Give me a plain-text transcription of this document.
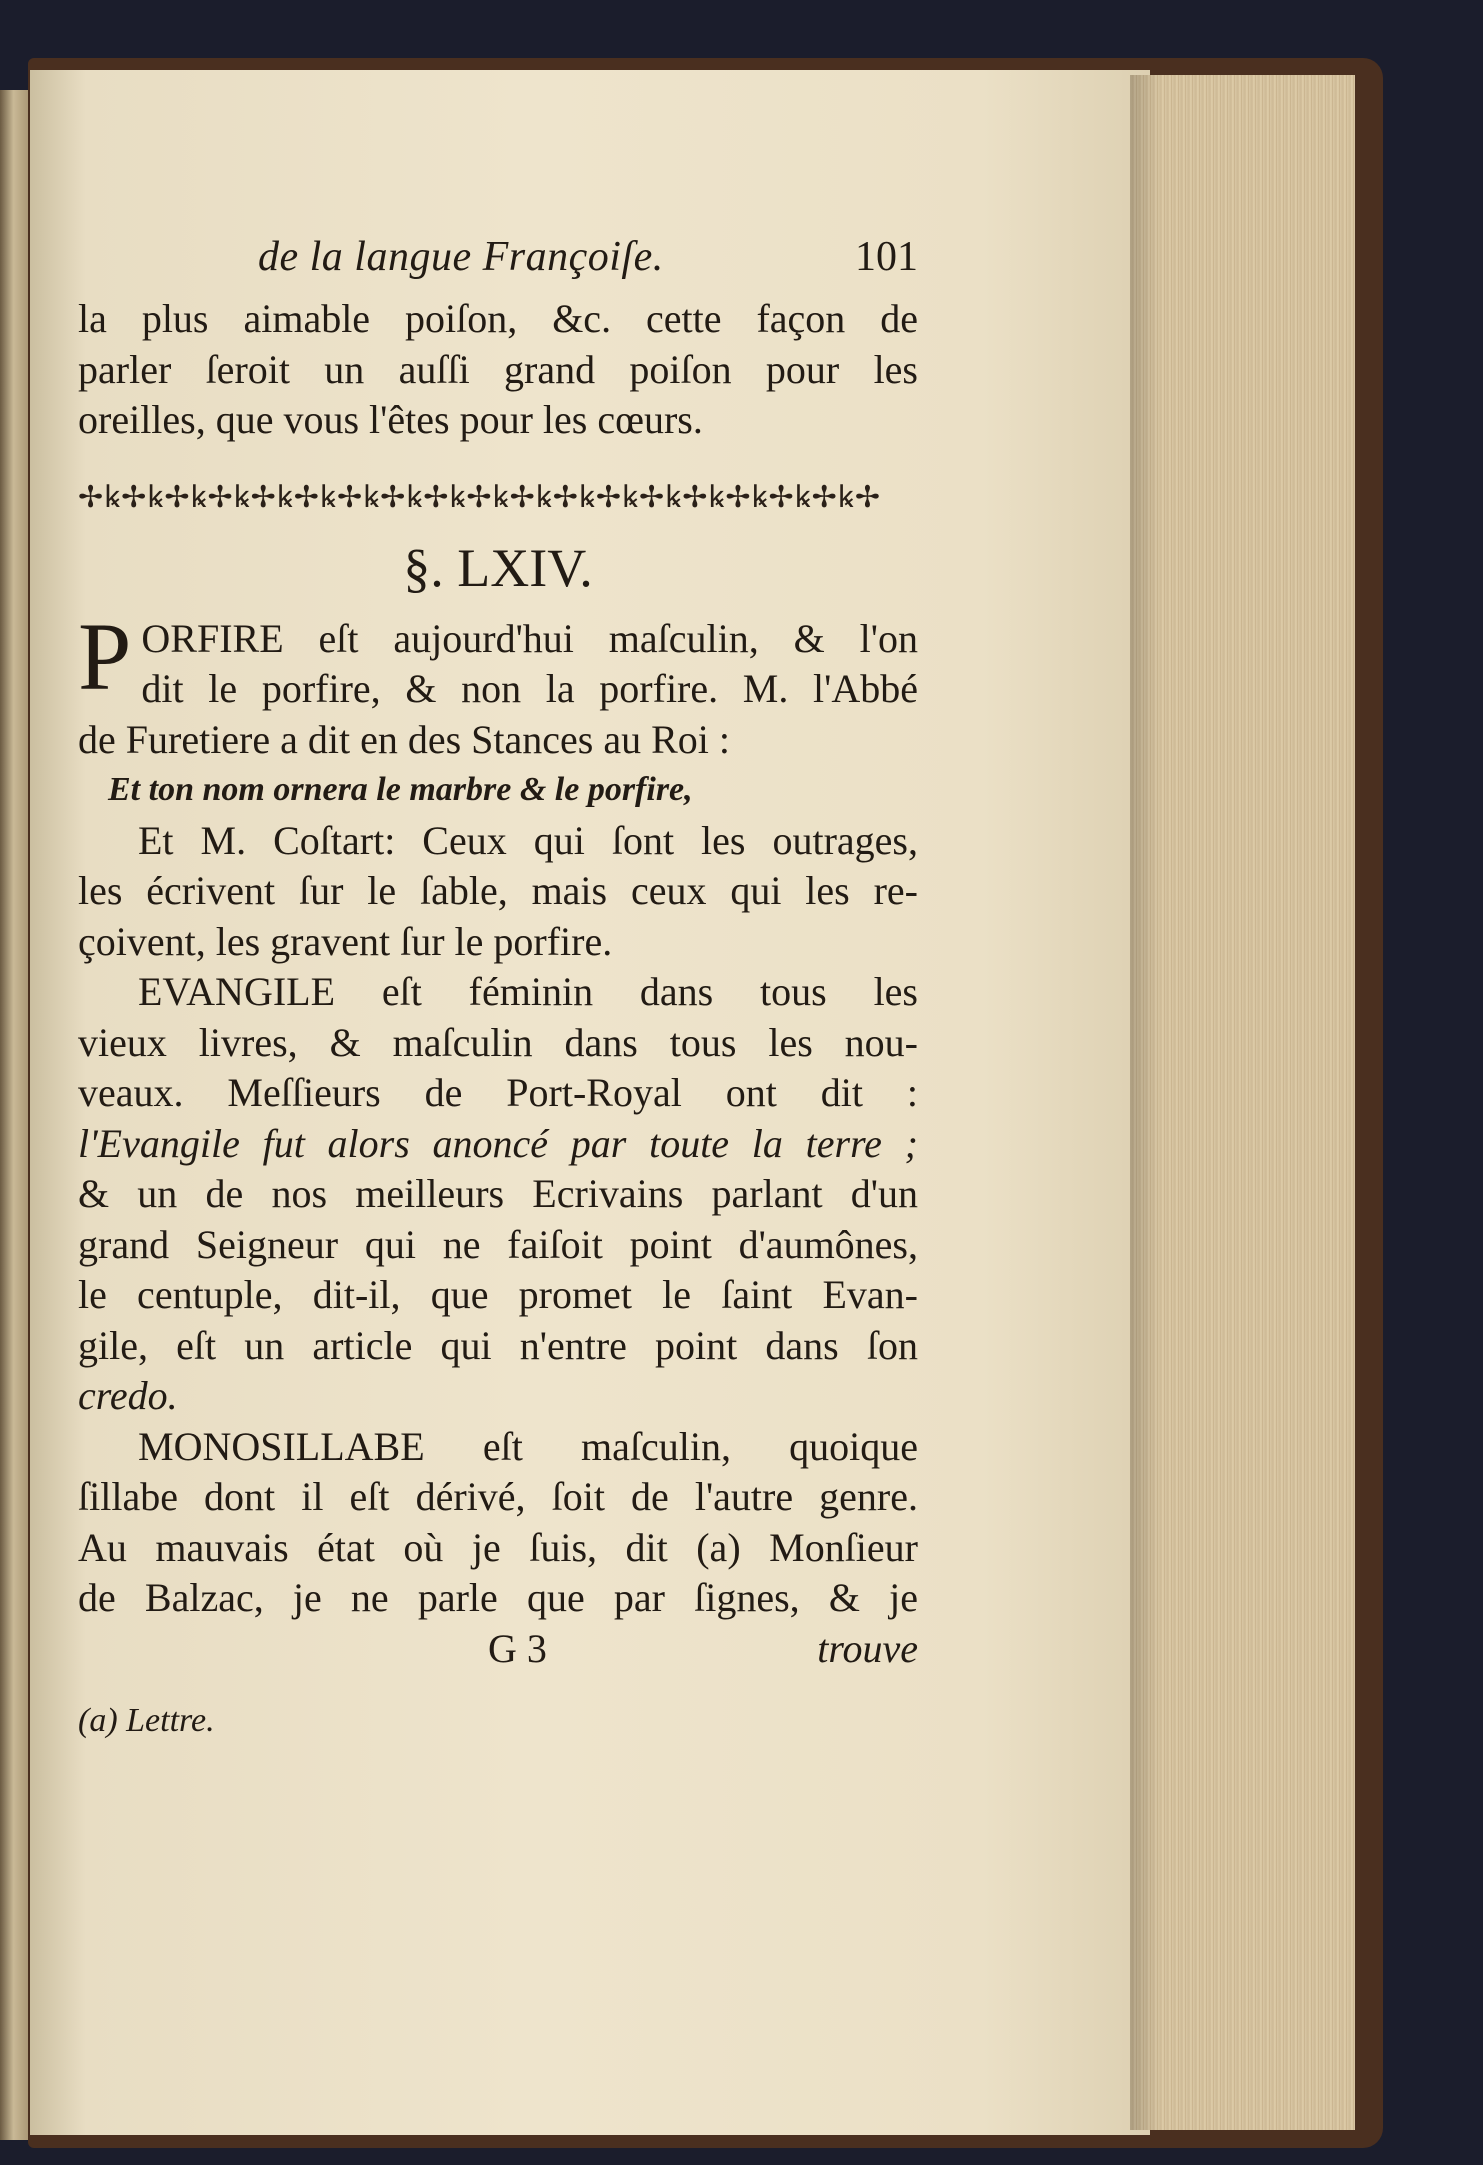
de la langue Françoiſe.	101
la plus aimable poiſon, &c. cette façon de
parler ſeroit un auſſi grand poiſon pour les
oreilles, que vous l'êtes pour les cœurs.
✢ꝃ✢ꝃ✢ꝃ✢ꝃ✢ꝃ✢ꝃ✢ꝃ✢ꝃ✢ꝃ✢ꝃ✢ꝃ✢ꝃ✢ꝃ✢ꝃ✢ꝃ✢ꝃ✢ꝃ✢ꝃ✢
§. LXIV.
P ORFIRE eſt aujourd'hui maſculin, & l'on
dit le porfire, & non la porfire. M. l'Abbé
de Furetiere a dit en des Stances au Roi :
Et ton nom ornera le marbre & le porfire,
Et M. Coſtart: Ceux qui ſont les outrages,
les écrivent ſur le ſable, mais ceux qui les re-
çoivent, les gravent ſur le porfire.
EVANGILE eſt féminin dans tous les
vieux livres, & maſculin dans tous les nou-
veaux. Meſſieurs de Port-Royal ont dit :
l'Evangile fut alors anoncé par toute la terre ;
& un de nos meilleurs Ecrivains parlant d'un
grand Seigneur qui ne faiſoit point d'aumônes,
le centuple, dit-il, que promet le ſaint Evan-
gile, eſt un article qui n'entre point dans ſon
credo.
MONOSILLABE eſt maſculin, quoique
ſillabe dont il eſt dérivé, ſoit de l'autre genre.
Au mauvais état où je ſuis, dit (a) Monſieur
de Balzac, je ne parle que par ſignes, & je
G 3	trouve
(a) Lettre.
